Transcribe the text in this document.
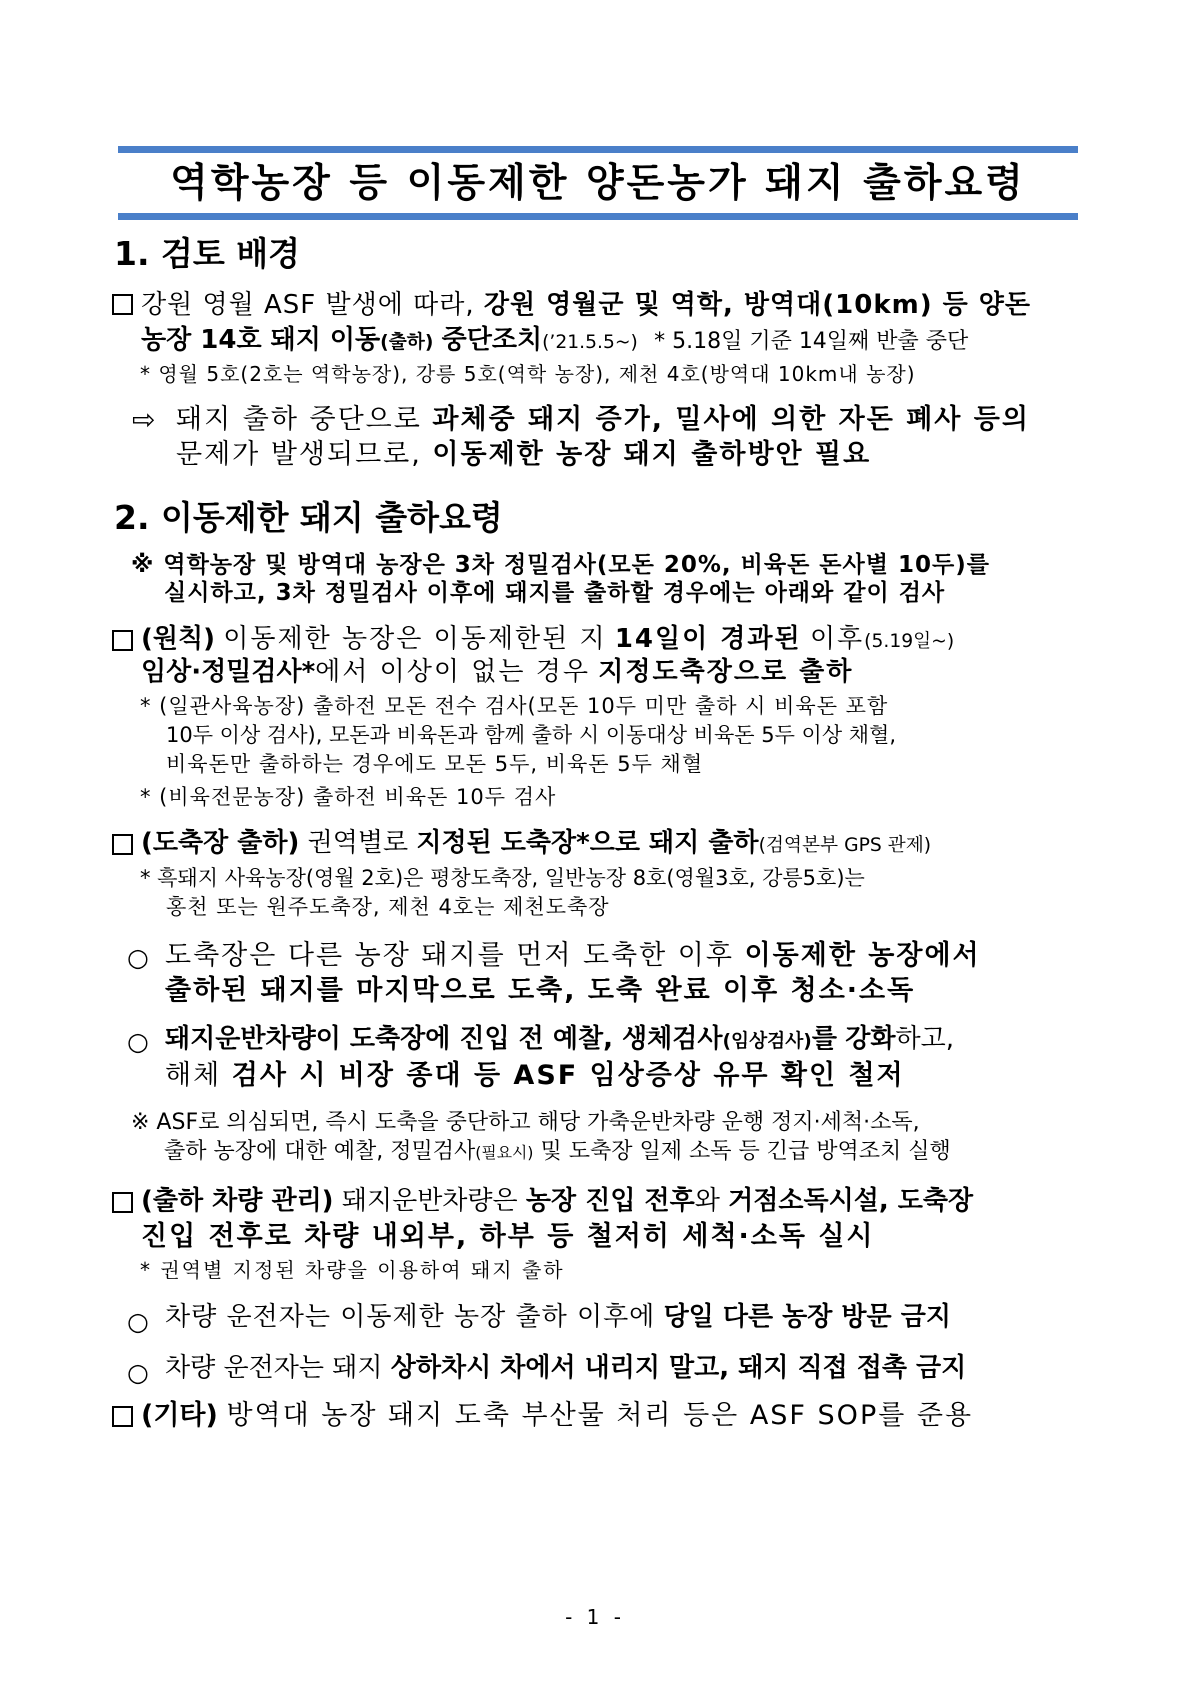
역학농장 등 이동제한 양돈농가 돼지 출하요령
1. 검토 배경
강원 영월 ASF 발생에 따라, 강원 영월군 및 역학, 방역대(10km) 등 양돈
농장 14호 돼지 이동(출하) 중단조치(’21.5.5~) * 5.18일 기준 14일째 반출 중단
* 영월 5호(2호는 역학농장), 강릉 5호(역학 농장), 제천 4호(방역대 10km내 농장)
⇨ 돼지 출하 중단으로 과체중 돼지 증가, 밀사에 의한 자돈 폐사 등의
문제가 발생되므로, 이동제한 농장 돼지 출하방안 필요
2. 이동제한 돼지 출하요령
※ 역학농장 및 방역대 농장은 3차 정밀검사(모돈 20%, 비육돈 돈사별 10두)를
실시하고, 3차 정밀검사 이후에 돼지를 출하할 경우에는 아래와 같이 검사
(원칙) 이동제한 농장은 이동제한된 지 14일이 경과된 이후(5.19일~)
임상·정밀검사*에서 이상이 없는 경우 지정도축장으로 출하
* (일관사육농장) 출하전 모돈 전수 검사(모돈 10두 미만 출하 시 비육돈 포함
10두 이상 검사), 모돈과 비육돈과 함께 출하 시 이동대상 비육돈 5두 이상 채혈,
비육돈만 출하하는 경우에도 모돈 5두, 비육돈 5두 채혈
* (비육전문농장) 출하전 비육돈 10두 검사
(도축장 출하) 권역별로 지정된 도축장*으로 돼지 출하(검역본부 GPS 관제)
* 흑돼지 사육농장(영월 2호)은 평창도축장, 일반농장 8호(영월3호, 강릉5호)는
홍천 또는 원주도축장, 제천 4호는 제천도축장
○ 도축장은 다른 농장 돼지를 먼저 도축한 이후 이동제한 농장에서
출하된 돼지를 마지막으로 도축, 도축 완료 이후 청소·소독
○ 돼지운반차량이 도축장에 진입 전 예찰, 생체검사(임상검사)를 강화하고,
해체 검사 시 비장 종대 등 ASF 임상증상 유무 확인 철저
※ ASF로 의심되면, 즉시 도축을 중단하고 해당 가축운반차량 운행 정지·세척·소독,
출하 농장에 대한 예찰, 정밀검사(필요시) 및 도축장 일제 소독 등 긴급 방역조치 실행
(출하 차량 관리) 돼지운반차량은 농장 진입 전후와 거점소독시설, 도축장
진입 전후로 차량 내외부, 하부 등 철저히 세척·소독 실시
* 권역별 지정된 차량을 이용하여 돼지 출하
○ 차량 운전자는 이동제한 농장 출하 이후에 당일 다른 농장 방문 금지
○ 차량 운전자는 돼지 상하차시 차에서 내리지 말고, 돼지 직접 접촉 금지
(기타) 방역대 농장 돼지 도축 부산물 처리 등은 ASF SOP를 준용
- 1 -
